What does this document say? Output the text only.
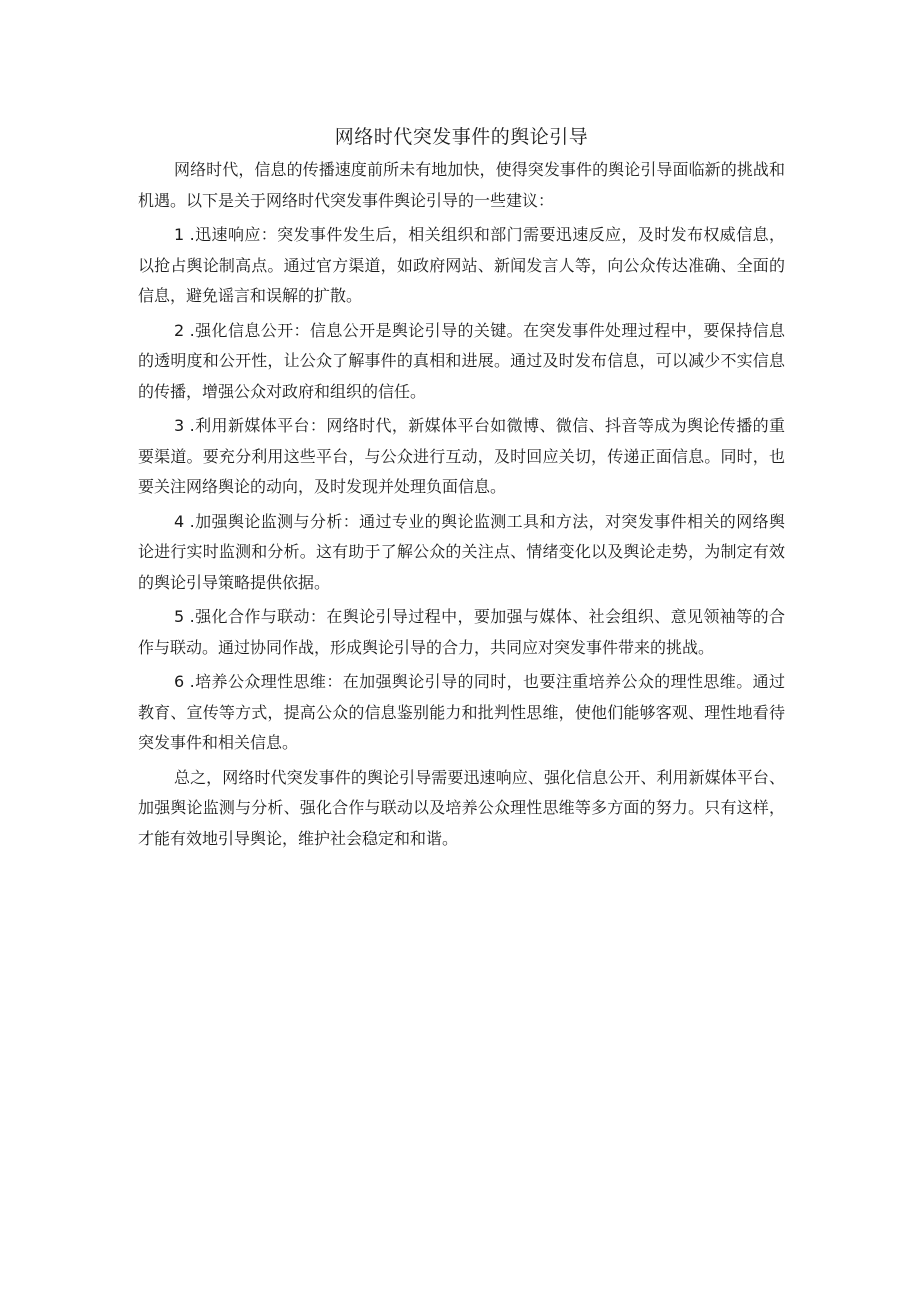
网络时代突发事件的舆论引导

网络时代，信息的传播速度前所未有地加快，使得突发事件的舆论引导面临新的挑战和机遇。以下是关于网络时代突发事件舆论引导的一些建议：

1 .迅速响应：突发事件发生后，相关组织和部门需要迅速反应，及时发布权威信息，以抢占舆论制高点。通过官方渠道，如政府网站、新闻发言人等，向公众传达准确、全面的信息，避免谣言和误解的扩散。

2 .强化信息公开：信息公开是舆论引导的关键。在突发事件处理过程中，要保持信息的透明度和公开性，让公众了解事件的真相和进展。通过及时发布信息，可以减少不实信息的传播，增强公众对政府和组织的信任。

3 .利用新媒体平台：网络时代，新媒体平台如微博、微信、抖音等成为舆论传播的重要渠道。要充分利用这些平台，与公众进行互动，及时回应关切，传递正面信息。同时，也要关注网络舆论的动向，及时发现并处理负面信息。

4 .加强舆论监测与分析：通过专业的舆论监测工具和方法，对突发事件相关的网络舆论进行实时监测和分析。这有助于了解公众的关注点、情绪变化以及舆论走势，为制定有效的舆论引导策略提供依据。

5 .强化合作与联动：在舆论引导过程中，要加强与媒体、社会组织、意见领袖等的合作与联动。通过协同作战，形成舆论引导的合力，共同应对突发事件带来的挑战。

6 .培养公众理性思维：在加强舆论引导的同时，也要注重培养公众的理性思维。通过教育、宣传等方式，提高公众的信息鉴别能力和批判性思维，使他们能够客观、理性地看待突发事件和相关信息。

总之，网络时代突发事件的舆论引导需要迅速响应、强化信息公开、利用新媒体平台、加强舆论监测与分析、强化合作与联动以及培养公众理性思维等多方面的努力。只有这样，才能有效地引导舆论，维护社会稳定和和谐。
